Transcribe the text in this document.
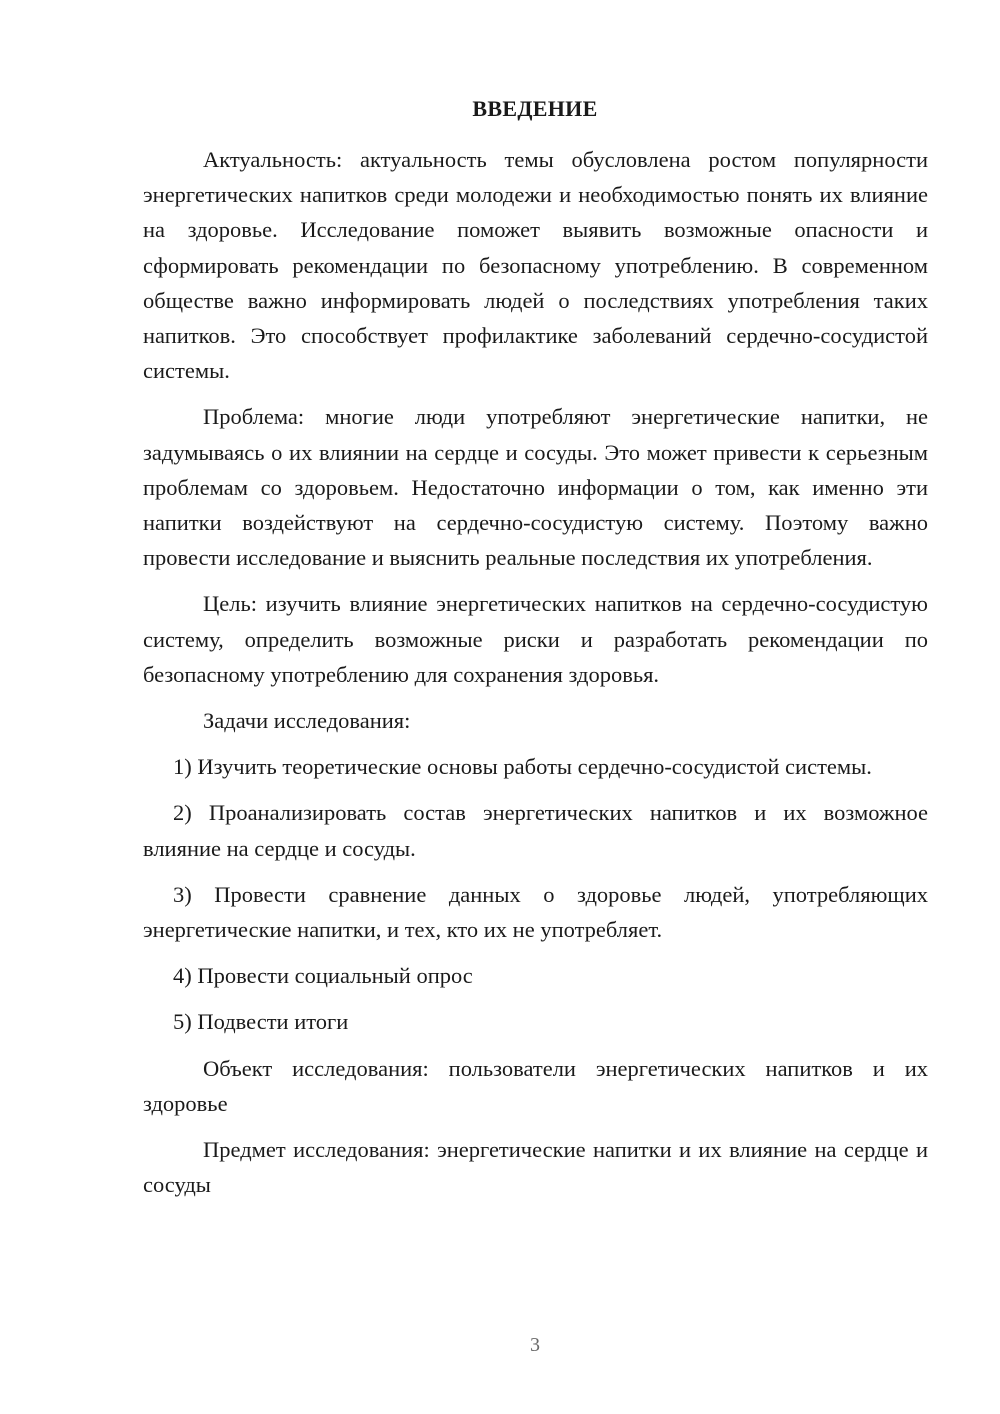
ВВЕДЕНИЕ

Актуальность: актуальность темы обусловлена ростом популярности энергетических напитков среди молодежи и необходимостью понять их влияние на здоровье. Исследование поможет выявить возможные опасности и сформировать рекомендации по безопасному употреблению. В современном обществе важно информировать людей о последствиях употребления таких напитков. Это способствует профилактике заболеваний сердечно-сосудистой системы.

Проблема: многие люди употребляют энергетические напитки, не задумываясь о их влиянии на сердце и сосуды. Это может привести к серьезным проблемам со здоровьем. Недостаточно информации о том, как именно эти напитки воздействуют на сердечно-сосудистую систему. Поэтому важно провести исследование и выяснить реальные последствия их употребления.

Цель: изучить влияние энергетических напитков на сердечно-сосудистую систему, определить возможные риски и разработать рекомендации по безопасному употреблению для сохранения здоровья.

Задачи исследования:

1) Изучить теоретические основы работы сердечно-сосудистой системы.

2) Проанализировать состав энергетических напитков и их возможное влияние на сердце и сосуды.

3) Провести сравнение данных о здоровье людей, употребляющих энергетические напитки, и тех, кто их не употребляет.

4) Провести социальный опрос

5) Подвести итоги

Объект исследования: пользователи энергетических напитков и их здоровье

Предмет исследования: энергетические напитки и их влияние на сердце и сосуды

3
